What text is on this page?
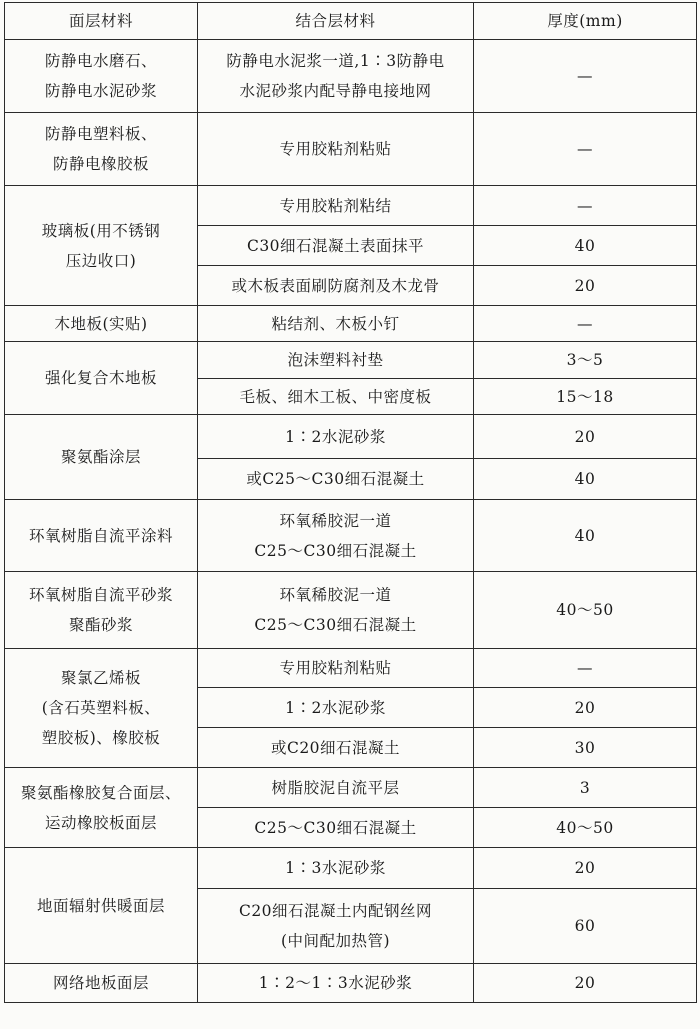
面层材料	结合层材料	厚度(mm)

防静电水磨石、
防静电水泥砂浆	防静电水泥浆一道,1∶3防静电
水泥砂浆内配导静电接地网	—

防静电塑料板、
防静电橡胶板	专用胶粘剂粘贴	—

玻璃板(用不锈钢
压边收口)	专用胶粘剂粘结	—

	C30细石混凝土表面抹平	40

	或木板表面刷防腐剂及木龙骨	20

木地板(实贴)	粘结剂、木板小钉	—

强化复合木地板	泡沫塑料衬垫	3～5

	毛板、细木工板、中密度板	15～18

聚氨酯涂层	1∶2水泥砂浆	20

	或C25～C30细石混凝土	40

环氧树脂自流平涂料	环氧稀胶泥一道
C25～C30细石混凝土	40

环氧树脂自流平砂浆
聚酯砂浆	环氧稀胶泥一道
C25～C30细石混凝土	40～50

聚氯乙烯板
(含石英塑料板、
塑胶板)、橡胶板	专用胶粘剂粘贴	—

	1∶2水泥砂浆	20

	或C20细石混凝土	30

聚氨酯橡胶复合面层、
运动橡胶板面层	树脂胶泥自流平层	3

	C25～C30细石混凝土	40～50

地面辐射供暖面层	1∶3水泥砂浆	20

	C20细石混凝土内配钢丝网
(中间配加热管)	60

网络地板面层	1∶2～1∶3水泥砂浆	20
